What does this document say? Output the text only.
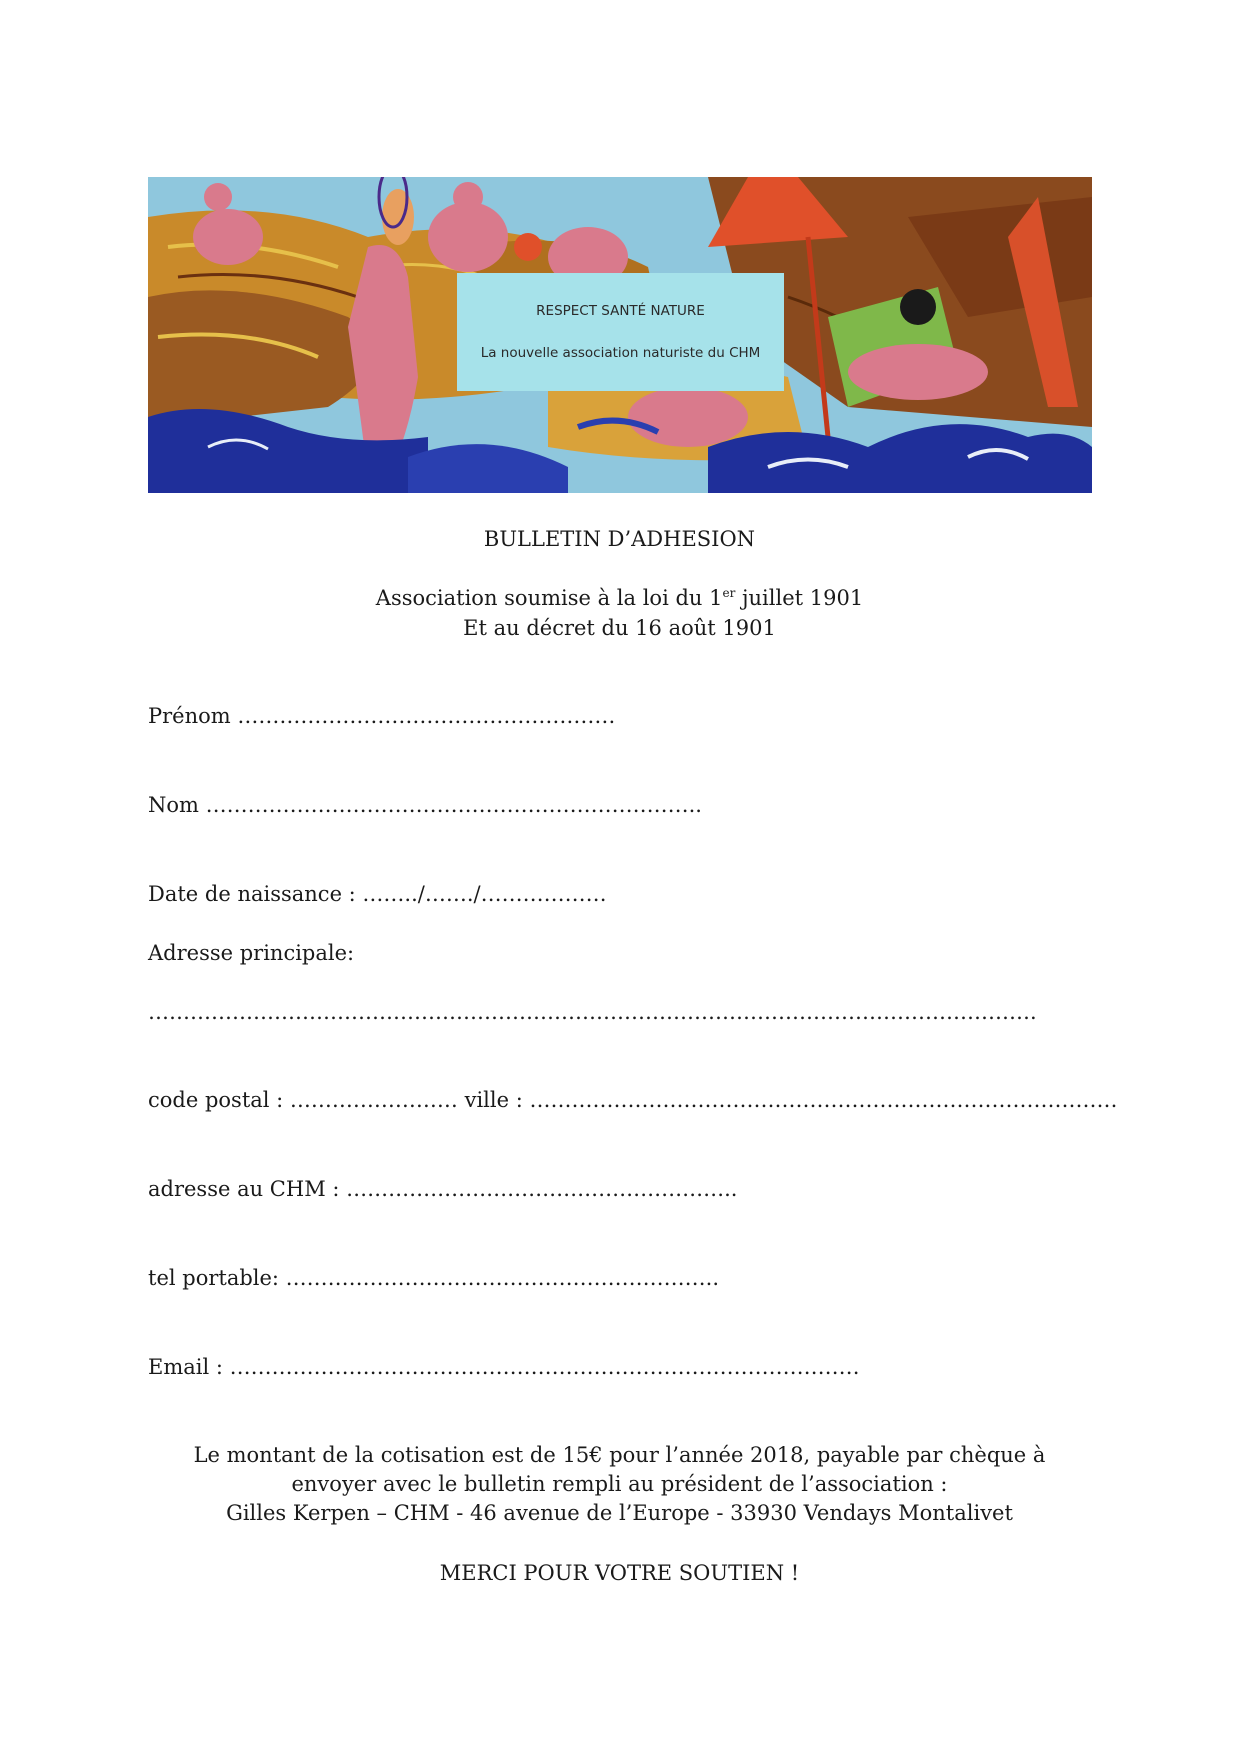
RESPECT SANTÉ NATURE
La nouvelle association naturiste du CHM
BULLETIN D’ADHESION
Association soumise à la loi du 1er juillet 1901
Et au décret du 16 août 1901
Prénom ………………………………………………
Nom ……………………………………………………………..
Date de naissance : ……../……./………………
Adresse principale:
……………………………………………………………………………………………………………….
code postal : …………………… ville : …………………………………………………………………………
adresse au CHM : ………………………………………………..
tel portable: ……………………………………………………..
Email : ………………………………………………………………………………
Le montant de la cotisation est de 15€ pour l’année 2018, payable par chèque à
envoyer avec le bulletin rempli au président de l’association :
Gilles Kerpen – CHM - 46 avenue de l’Europe - 33930 Vendays Montalivet
MERCI POUR VOTRE SOUTIEN !
